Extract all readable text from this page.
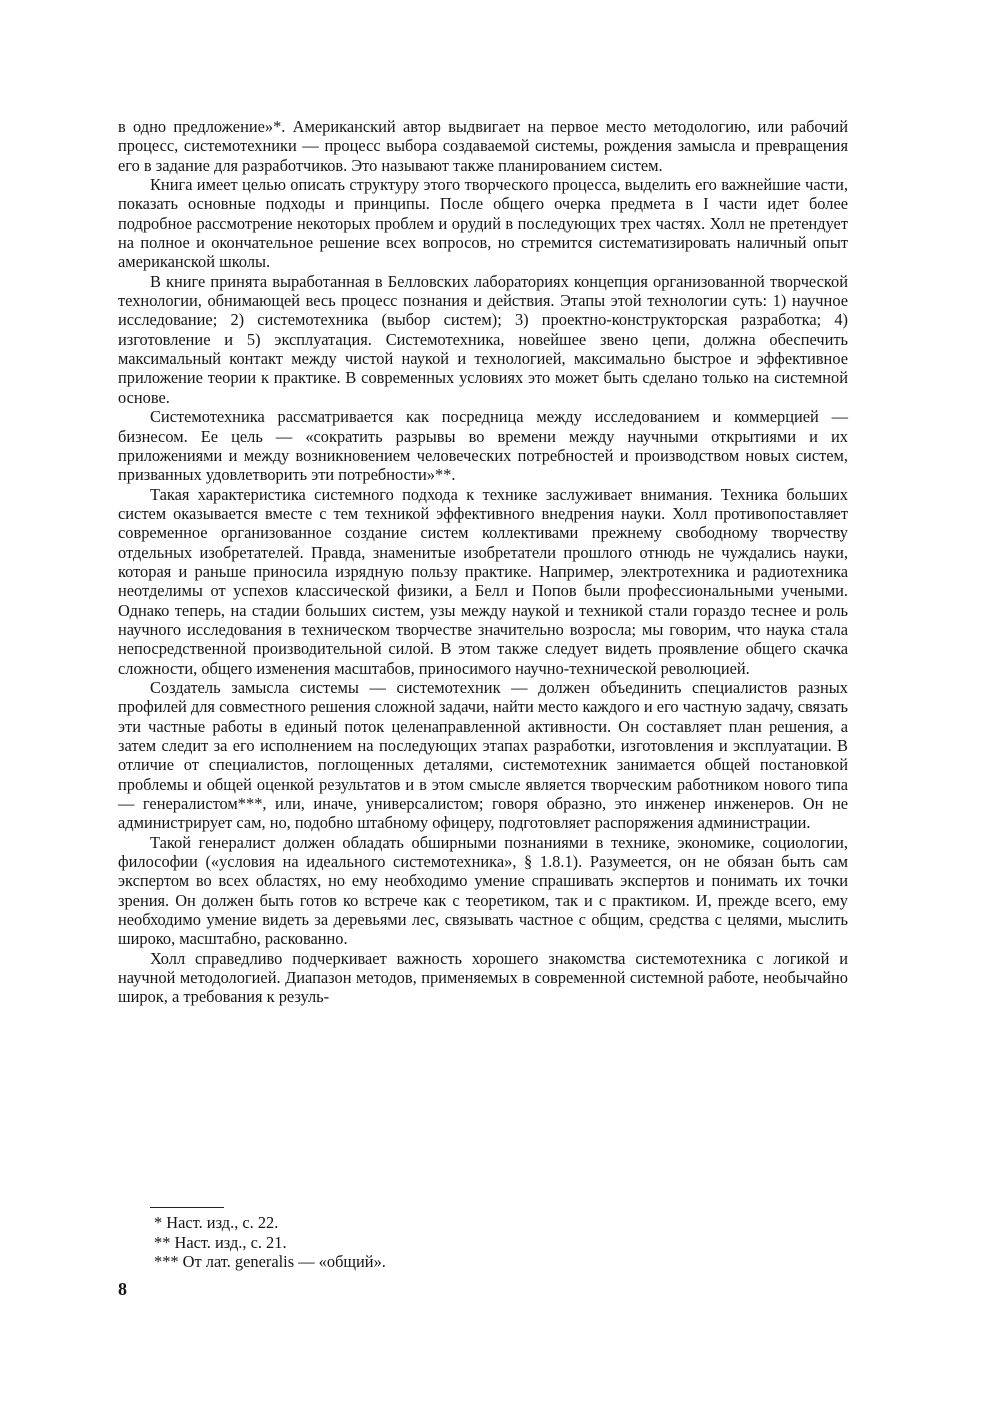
в одно предложение»*. Американский автор выдвигает на первое место методологию, или рабочий процесс, системотехники — процесс выбора создаваемой системы, рождения замысла и превращения его в задание для разработчиков. Это называют также планированием систем.

Книга имеет целью описать структуру этого творческого процесса, выделить его важнейшие части, показать основные подходы и принципы. После общего очерка предмета в I части идет более подробное рассмотрение некоторых проблем и орудий в последующих трех частях. Холл не претендует на полное и окончательное решение всех вопросов, но стремится систематизировать наличный опыт американской школы.

В книге принята выработанная в Белловских лабораториях концепция организованной творческой технологии, обнимающей весь процесс познания и действия. Этапы этой технологии суть: 1) научное исследование; 2) системотехника (выбор систем); 3) проектно-конструкторская разработка; 4) изготовление и 5) эксплуатация. Системотехника, новейшее звено цепи, должна обеспечить максимальный контакт между чистой наукой и технологией, максимально быстрое и эффективное приложение теории к практике. В современных условиях это может быть сделано только на системной основе.

Системотехника рассматривается как посредница между исследованием и коммерцией — бизнесом. Ее цель — «сократить разрывы во времени между научными открытиями и их приложениями и между возникновением человеческих потребностей и производством новых систем, призванных удовлетворить эти потребности»**.

Такая характеристика системного подхода к технике заслуживает внимания. Техника больших систем оказывается вместе с тем техникой эффективного внедрения науки. Холл противопоставляет современное организованное создание систем коллективами прежнему свободному творчеству отдельных изобретателей. Правда, знаменитые изобретатели прошлого отнюдь не чуждались науки, которая и раньше приносила изрядную пользу практике. Например, электротехника и радиотехника неотделимы от успехов классической физики, а Белл и Попов были профессиональными учеными. Однако теперь, на стадии больших систем, узы между наукой и техникой стали гораздо теснее и роль научного исследования в техническом творчестве значительно возросла; мы говорим, что наука стала непосредственной производительной силой. В этом также следует видеть проявление общего скачка сложности, общего изменения масштабов, приносимого научно-технической революцией.

Создатель замысла системы — системотехник — должен объединить специалистов разных профилей для совместного решения сложной задачи, найти место каждого и его частную задачу, связать эти частные работы в единый поток целенаправленной активности. Он составляет план решения, а затем следит за его исполнением на последующих этапах разработки, изготовления и эксплуатации. В отличие от специалистов, поглощенных деталями, системотехник занимается общей постановкой проблемы и общей оценкой результатов и в этом смысле является творческим работником нового типа — генералистом***, или, иначе, универсалистом; говоря образно, это инженер инженеров. Он не администрирует сам, но, подобно штабному офицеру, подготовляет распоряжения администрации.

Такой генералист должен обладать обширными познаниями в технике, экономике, социологии, философии («условия на идеального системотехника», § 1.8.1). Разумеется, он не обязан быть сам экспертом во всех областях, но ему необходимо умение спрашивать экспертов и понимать их точки зрения. Он должен быть готов ко встрече как с теоретиком, так и с практиком. И, прежде всего, ему необходимо умение видеть за деревьями лес, связывать частное с общим, средства с целями, мыслить широко, масштабно, раскованно.

Холл справедливо подчеркивает важность хорошего знакомства системотехника с логикой и научной методологией. Диапазон методов, применяемых в современной системной работе, необычайно широк, а требования к резуль-

* Наст. изд., с. 22.

** Наст. изд., с. 21.

*** От лат. generalis — «общий».

8
